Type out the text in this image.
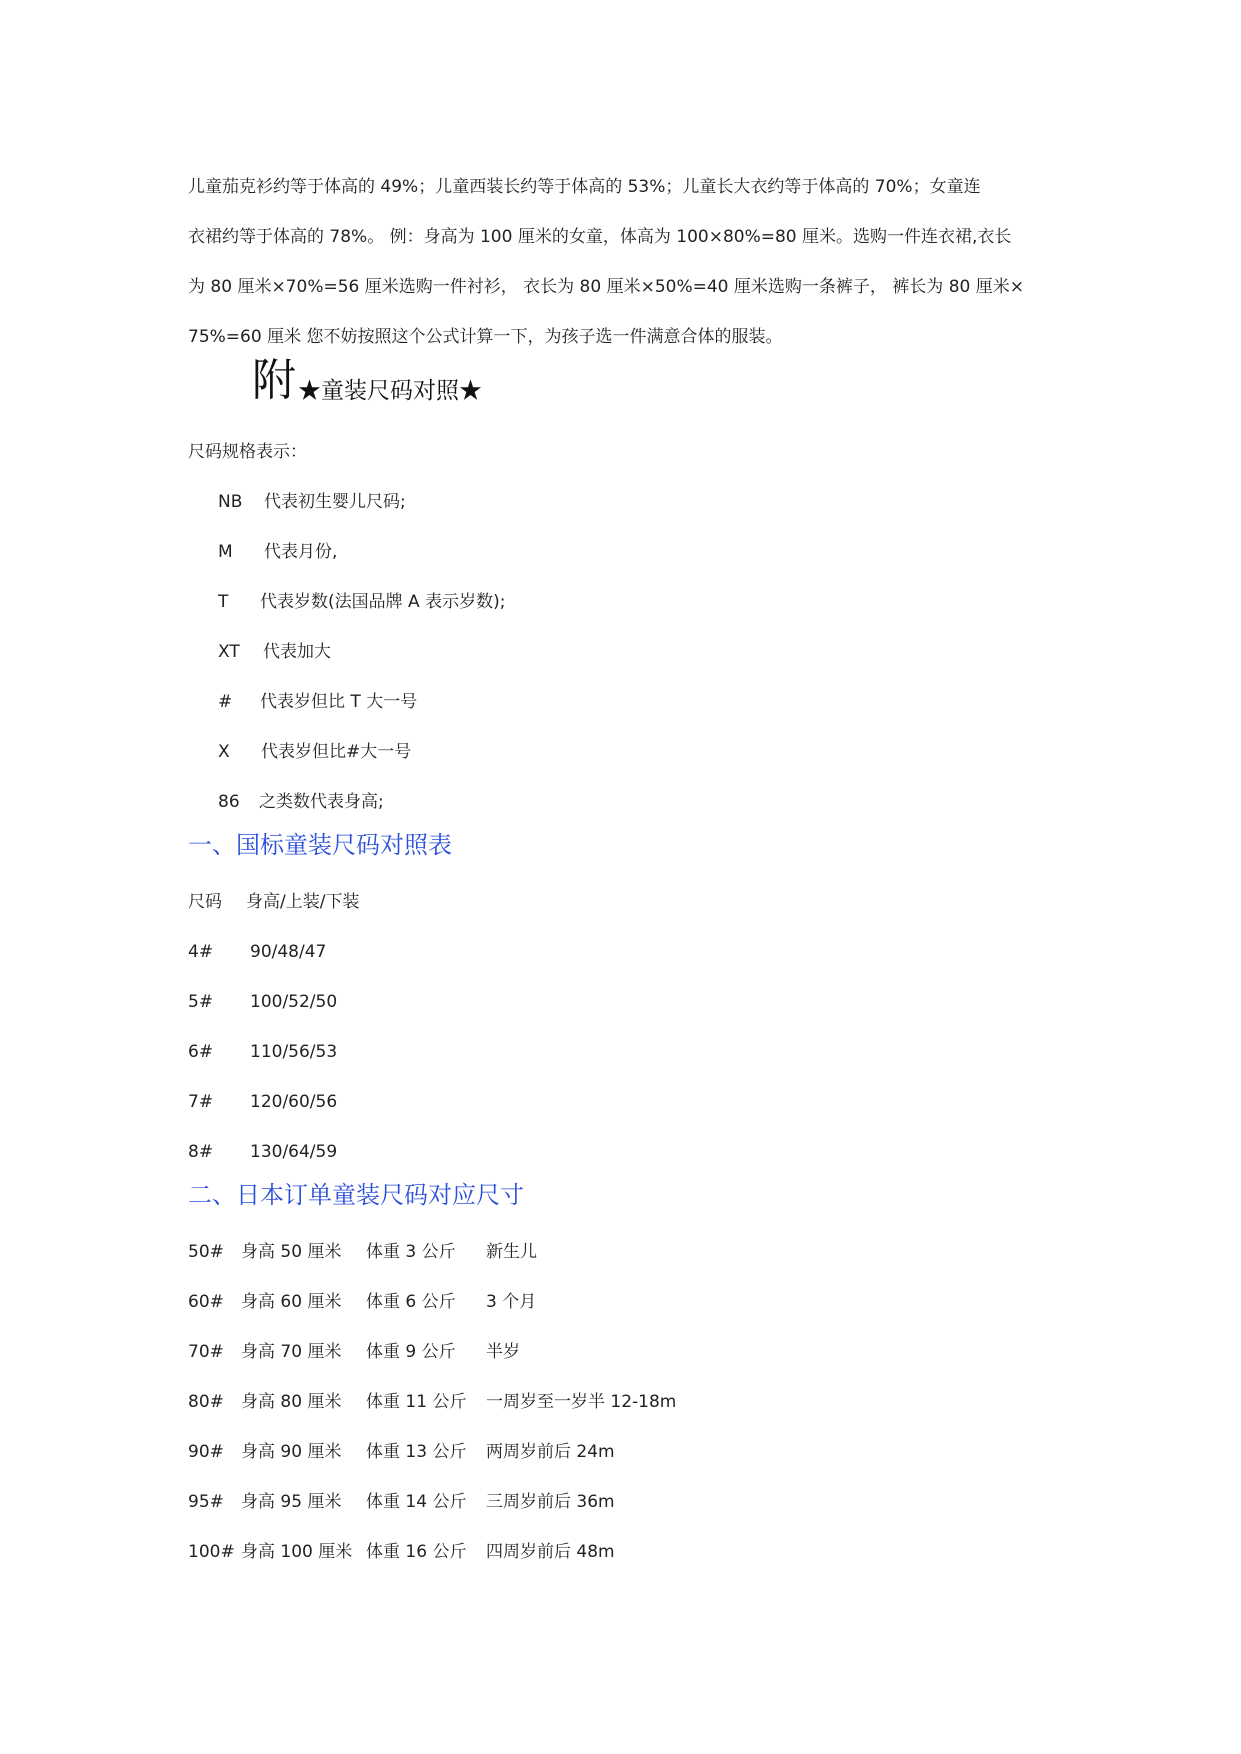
儿童茄克衫约等于体高的 49%；儿童西装长约等于体高的 53%；儿童长大衣约等于体高的 70%；女童连
衣裙约等于体高的 78%。 例：身高为 100 厘米的女童，体高为 100×80%=80 厘米。选购一件连衣裙,衣长
为 80 厘米×70%=56 厘米选购一件衬衫， 衣长为 80 厘米×50%=40 厘米选购一条裤子， 裤长为 80 厘米×
75%=60 厘米 您不妨按照这个公式计算一下，为孩子选一件满意合体的服装。
附★童装尺码对照★
尺码规格表示：
NB 代表初生婴儿尺码;
M 代表月份,
T 代表岁数(法国品牌 A 表示岁数);
XT 代表加大
# 代表岁但比 T 大一号
X 代表岁但比#大一号
86 之类数代表身高;
一、国标童装尺码对照表
尺码 身高/上装/下装
4# 90/48/47
5# 100/52/50
6# 110/56/53
7# 120/60/56
8# 130/64/59
二、日本订单童装尺码对应尺寸
50# 身高 50 厘米 体重 3 公斤 新生儿
60# 身高 60 厘米 体重 6 公斤 3 个月
70# 身高 70 厘米 体重 9 公斤 半岁
80# 身高 80 厘米 体重 11 公斤 一周岁至一岁半 12-18m
90# 身高 90 厘米 体重 13 公斤 两周岁前后 24m
95# 身高 95 厘米 体重 14 公斤 三周岁前后 36m
100# 身高 100 厘米 体重 16 公斤 四周岁前后 48m
